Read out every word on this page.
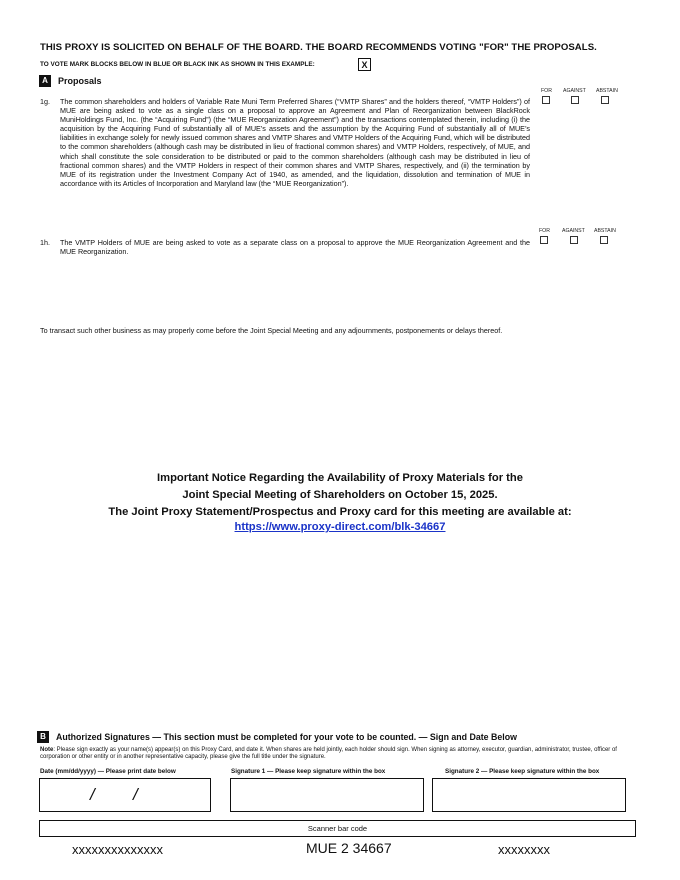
THIS PROXY IS SOLICITED ON BEHALF OF THE BOARD. THE BOARD RECOMMENDS VOTING "FOR" THE PROPOSALS.
TO VOTE MARK BLOCKS BELOW IN BLUE OR BLACK INK AS SHOWN IN THIS EXAMPLE:	X
A	Proposals
FOR AGAINST ABSTAIN
1g. The common shareholders and holders of Variable Rate Muni Term Preferred Shares (“VMTP Shares” and the holders thereof, “VMTP Holders”) of MUE are being asked to vote as a single class on a proposal to approve an Agreement and Plan of Reorganization between BlackRock MuniHoldings Fund, Inc. (the “Acquiring Fund”) (the “MUE Reorganization Agreement”) and the transactions contemplated therein, including (i) the acquisition by the Acquiring Fund of substantially all of MUE’s assets and the assumption by the Acquiring Fund of substantially all of MUE’s liabilities in exchange solely for newly issued common shares and VMTP Shares and VMTP Holders of the Acquiring Fund, which will be distributed to the common shareholders (although cash may be distributed in lieu of fractional common shares) and VMTP Holders, respectively, of MUE, and which shall constitute the sole consideration to be distributed or paid to the common shareholders (although cash may be distributed in lieu of fractional common shares) and the VMTP Holders in respect of their common shares and VMTP Shares, respectively, and (ii) the termination by MUE of its registration under the Investment Company Act of 1940, as amended, and the liquidation, dissolution and termination of MUE in accordance with its Articles of Incorporation and Maryland law (the “MUE Reorganization”).
FOR AGAINST ABSTAIN
1h. The VMTP Holders of MUE are being asked to vote as a separate class on a proposal to approve the MUE Reorganization Agreement and the MUE Reorganization.
To transact such other business as may properly come before the Joint Special Meeting and any adjournments, postponements or delays thereof.
Important Notice Regarding the Availability of Proxy Materials for the
Joint Special Meeting of Shareholders on October 15, 2025.
The Joint Proxy Statement/Prospectus and Proxy card for this meeting are available at:
https://www.proxy-direct.com/blk-34667
B	Authorized Signatures — This section must be completed for your vote to be counted. — Sign and Date Below
Note: Please sign exactly as your name(s) appear(s) on this Proxy Card, and date it. When shares are held jointly, each holder should sign. When signing as attorney, executor, guardian, administrator, trustee, officer of corporation or other entity or in another representative capacity, please give the full title under the signature.
Date (mm/dd/yyyy) — Please print date below	Signature 1 — Please keep signature within the box	Signature 2 — Please keep signature within the box
/ /
Scanner bar code
xxxxxxxxxxxxxx	MUE 2 34667	xxxxxxxx
